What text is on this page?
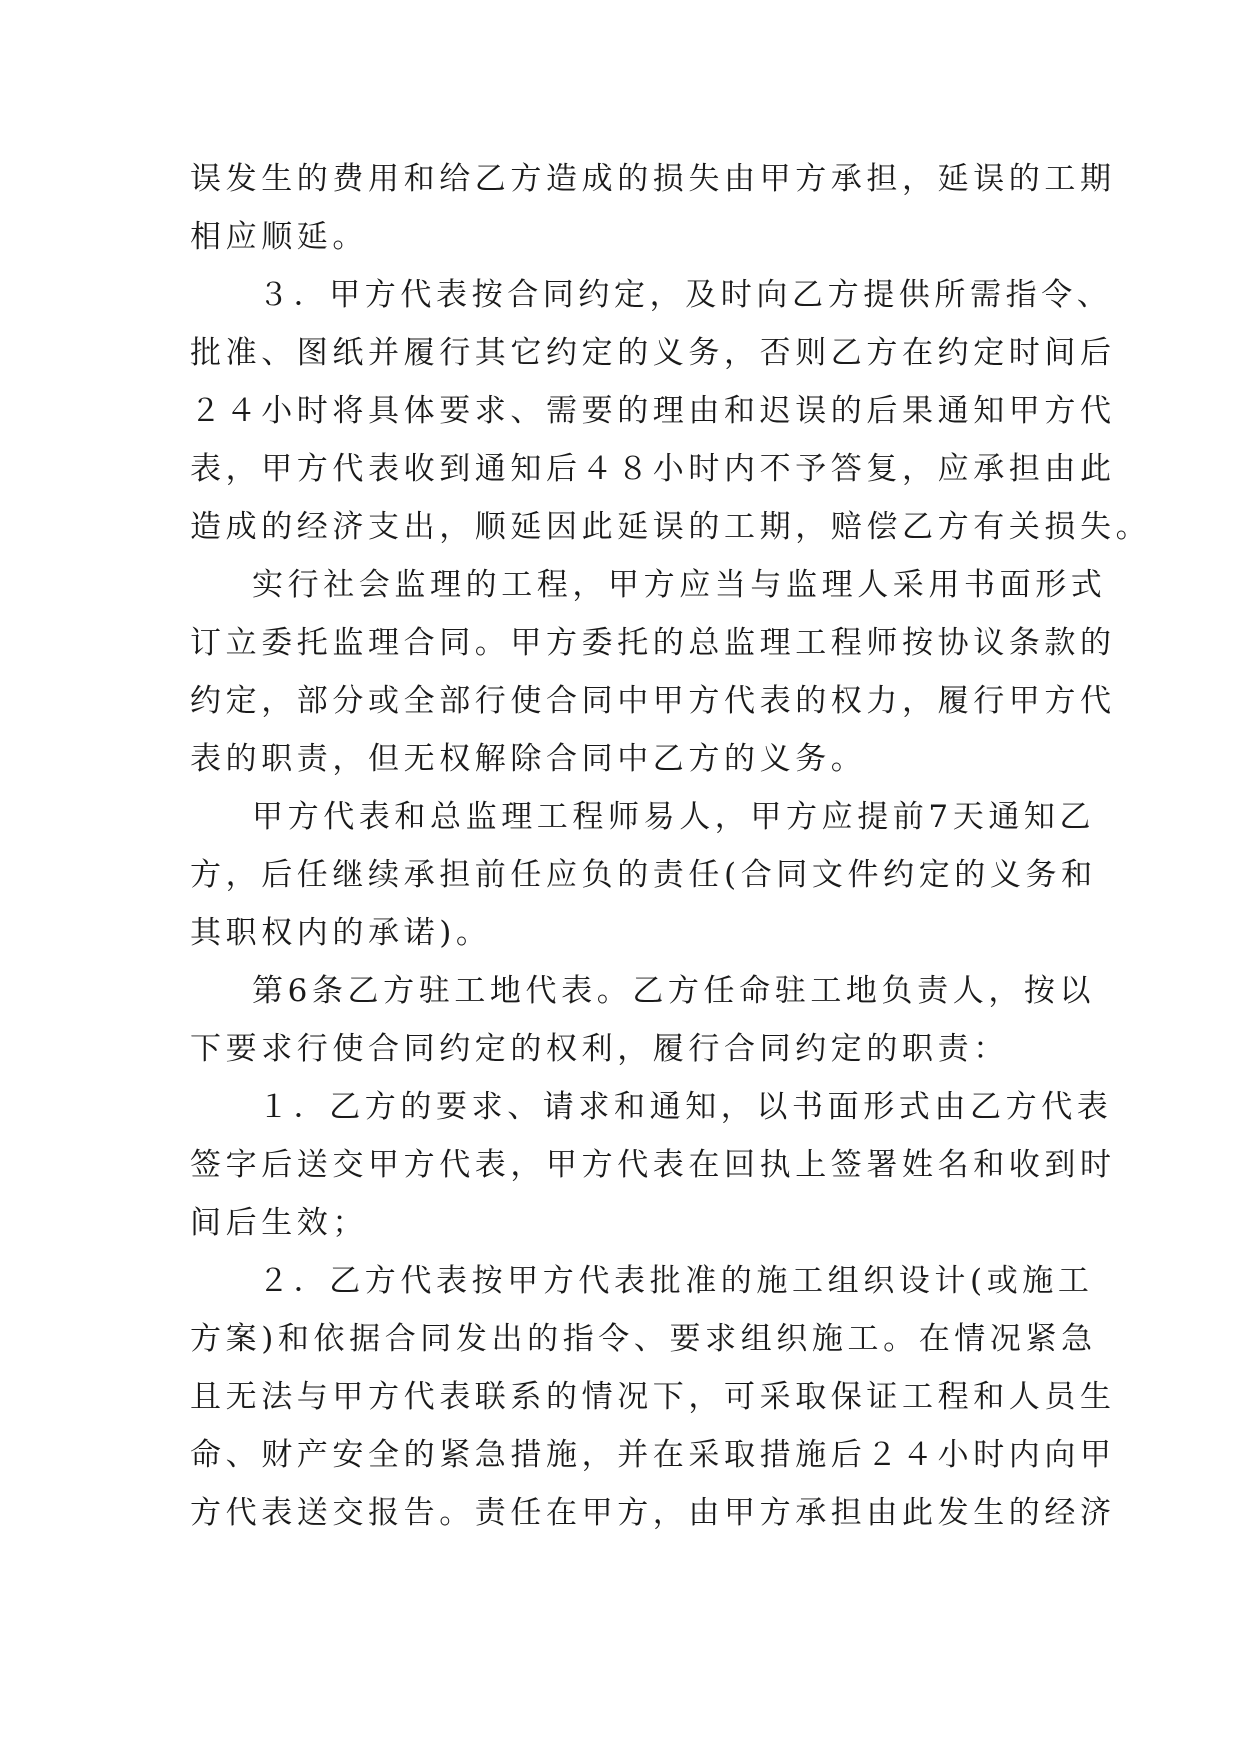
误发生的费用和给乙方造成的损失由甲方承担，延误的工期
相应顺延。
３．甲方代表按合同约定，及时向乙方提供所需指令、
批准、图纸并履行其它约定的义务，否则乙方在约定时间后
２４小时将具体要求、需要的理由和迟误的后果通知甲方代
表，甲方代表收到通知后４８小时内不予答复，应承担由此
造成的经济支出，顺延因此延误的工期，赔偿乙方有关损失。
实行社会监理的工程，甲方应当与监理人采用书面形式
订立委托监理合同。甲方委托的总监理工程师按协议条款的
约定，部分或全部行使合同中甲方代表的权力，履行甲方代
表的职责，但无权解除合同中乙方的义务。
甲方代表和总监理工程师易人，甲方应提前7天通知乙
方，后任继续承担前任应负的责任(合同文件约定的义务和
其职权内的承诺)。
第6条乙方驻工地代表。乙方任命驻工地负责人，按以
下要求行使合同约定的权利，履行合同约定的职责：
１．乙方的要求、请求和通知，以书面形式由乙方代表
签字后送交甲方代表，甲方代表在回执上签署姓名和收到时
间后生效；
２．乙方代表按甲方代表批准的施工组织设计(或施工
方案)和依据合同发出的指令、要求组织施工。在情况紧急
且无法与甲方代表联系的情况下，可采取保证工程和人员生
命、财产安全的紧急措施，并在采取措施后２４小时内向甲
方代表送交报告。责任在甲方，由甲方承担由此发生的经济
